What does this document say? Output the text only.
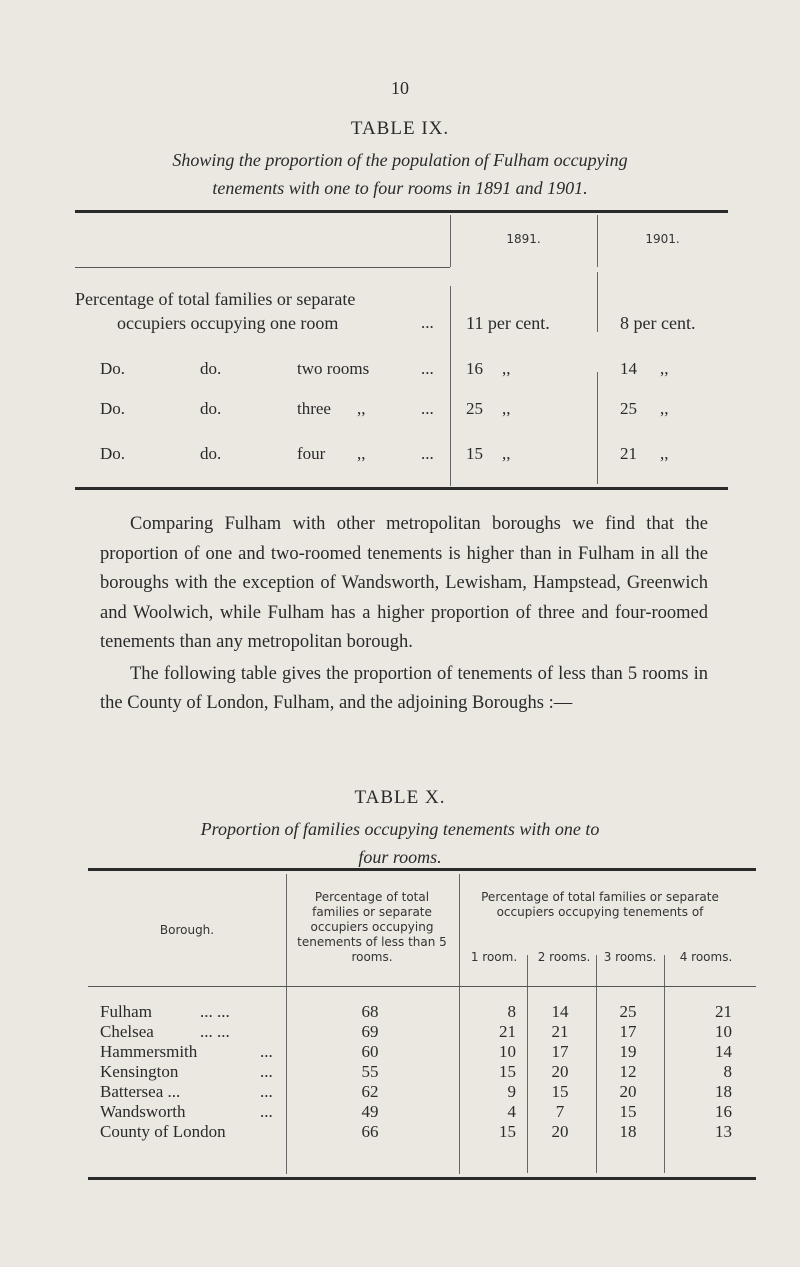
10
TABLE IX.
Showing the proportion of the population of Fulham occupying
tenements with one to four rooms in 1891 and 1901.
1891.	1901.
Percentage of total families or separate
occupiers occupying one room	... 11 per cent.	8 per cent.
Do.	do.	two rooms	... 16 ,,	14 ,,
Do.	do.	three ,,	... 25 ,,	25 ,,
Do.	do.	four ,,	... 15 ,,	21 ,,

Comparing Fulham with other metropolitan boroughs we find that the proportion of one and two-roomed tenements is higher than in Fulham in all the boroughs with the exception of Wandsworth, Lewisham, Hampstead, Greenwich and Woolwich, while Fulham has a higher proportion of three and four-roomed tenements than any metropolitan borough.

The following table gives the proportion of tenements of less than 5 rooms in the County of London, Fulham, and the adjoining Boroughs :—

TABLE X.
Proportion of families occupying tenements with one to
four rooms.
Borough.
Percentage of total families or separate occupiers occupying tenements of less than 5 rooms.
Percentage of total families or separate occupiers occupying tenements of
1 room.	2 rooms.	3 rooms.	4 rooms.
Fulham	... ...	68	8	14	25	21
Chelsea	... ...	69	21	21	17	10
Hammersmith	...	60	10	17	19	14
Kensington	...	55	15	20	12	8
Battersea ...	...	62	9	15	20	18
Wandsworth	...	49	4	7	15	16
County of London	66	15	20	18	13
